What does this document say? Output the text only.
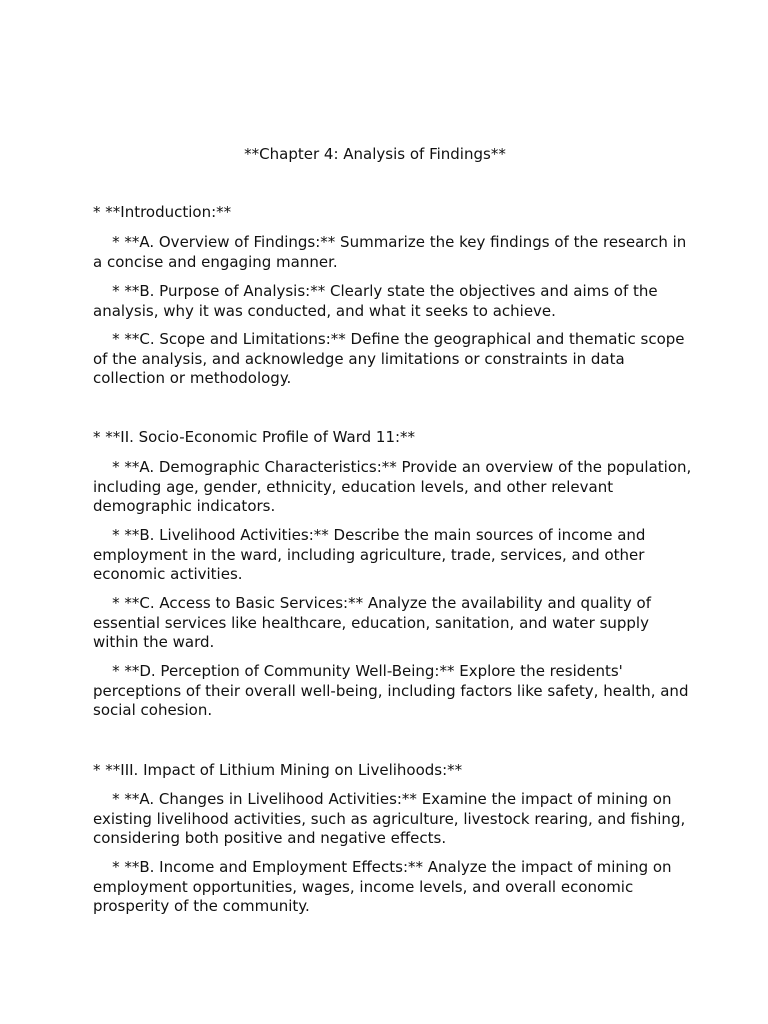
**Chapter 4: Analysis of Findings**

* **Introduction:**

* **A. Overview of Findings:** Summarize the key findings of the research in a concise and engaging manner.

* **B. Purpose of Analysis:** Clearly state the objectives and aims of the analysis, why it was conducted, and what it seeks to achieve.

* **C. Scope and Limitations:** Define the geographical and thematic scope of the analysis, and acknowledge any limitations or constraints in data collection or methodology.

* **II. Socio-Economic Profile of Ward 11:**

* **A. Demographic Characteristics:** Provide an overview of the population, including age, gender, ethnicity, education levels, and other relevant demographic indicators.

* **B. Livelihood Activities:** Describe the main sources of income and employment in the ward, including agriculture, trade, services, and other economic activities.

* **C. Access to Basic Services:** Analyze the availability and quality of essential services like healthcare, education, sanitation, and water supply within the ward.

* **D. Perception of Community Well-Being:** Explore the residents' perceptions of their overall well-being, including factors like safety, health, and social cohesion.

* **III. Impact of Lithium Mining on Livelihoods:**

* **A. Changes in Livelihood Activities:** Examine the impact of mining on existing livelihood activities, such as agriculture, livestock rearing, and fishing, considering both positive and negative effects.

* **B. Income and Employment Effects:** Analyze the impact of mining on employment opportunities, wages, income levels, and overall economic prosperity of the community.
